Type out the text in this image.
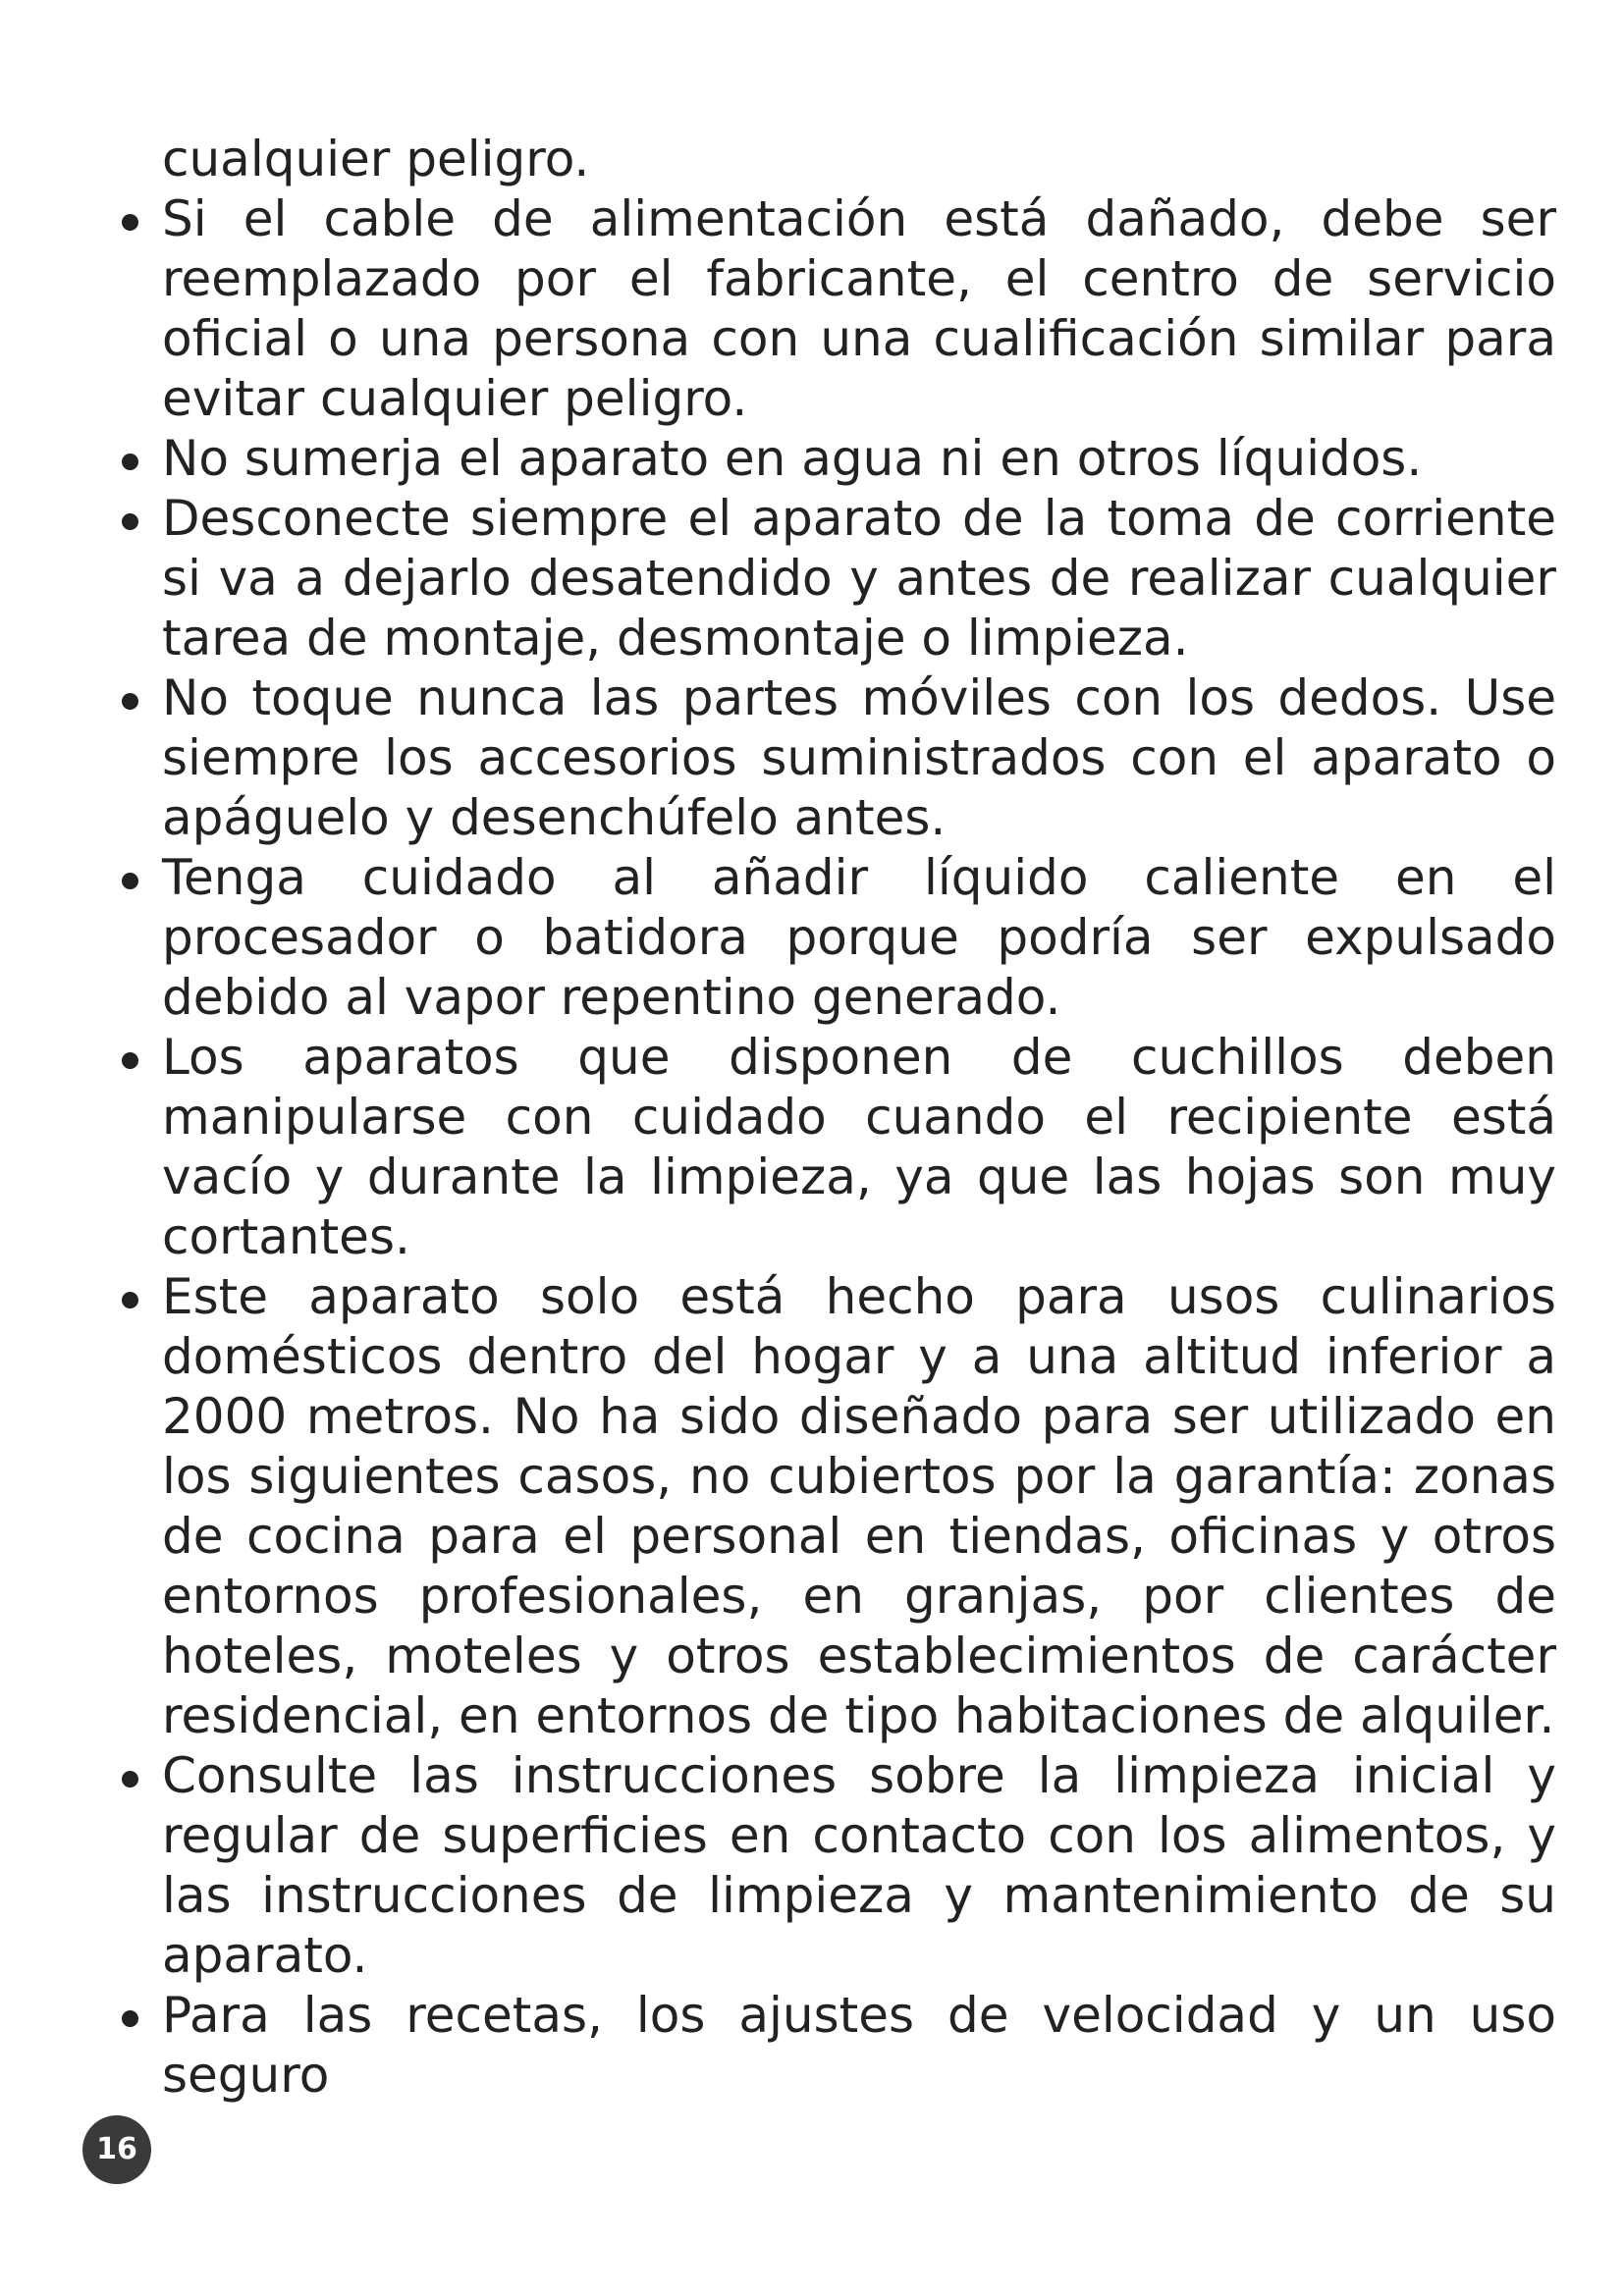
cualquier peligro.

Si el cable de alimentación está dañado, debe ser reemplazado por el fabricante, el centro de servicio oficial o una persona con una cualificación similar para evitar cualquier peligro.
No sumerja el aparato en agua ni en otros líquidos.
Desconecte siempre el aparato de la toma de corriente si va a dejarlo desatendido y antes de realizar cualquier tarea de montaje, desmontaje o limpieza.
No toque nunca las partes móviles con los dedos. Use siempre los accesorios suministrados con el aparato o apáguelo y desenchúfelo antes.
Tenga cuidado al añadir líquido caliente en el procesador o batidora porque podría ser expulsado debido al vapor repentino generado.
Los aparatos que disponen de cuchillos deben manipularse con cuidado cuando el recipiente está vacío y durante la limpieza, ya que las hojas son muy cortantes.
Este aparato solo está hecho para usos culinarios domésticos dentro del hogar y a una altitud inferior a 2000 metros. No ha sido diseñado para ser utilizado en los siguientes casos, no cubiertos por la garantía: zonas de cocina para el personal en tiendas, oficinas y otros entornos profesionales, en granjas, por clientes de hoteles, moteles y otros establecimientos de carácter residencial, en entornos de tipo habitaciones de alquiler.
Consulte las instrucciones sobre la limpieza inicial y regular de superficies en contacto con los alimentos, y las instrucciones de limpieza y mantenimiento de su aparato.
Para las recetas, los ajustes de velocidad y un uso seguro
16
